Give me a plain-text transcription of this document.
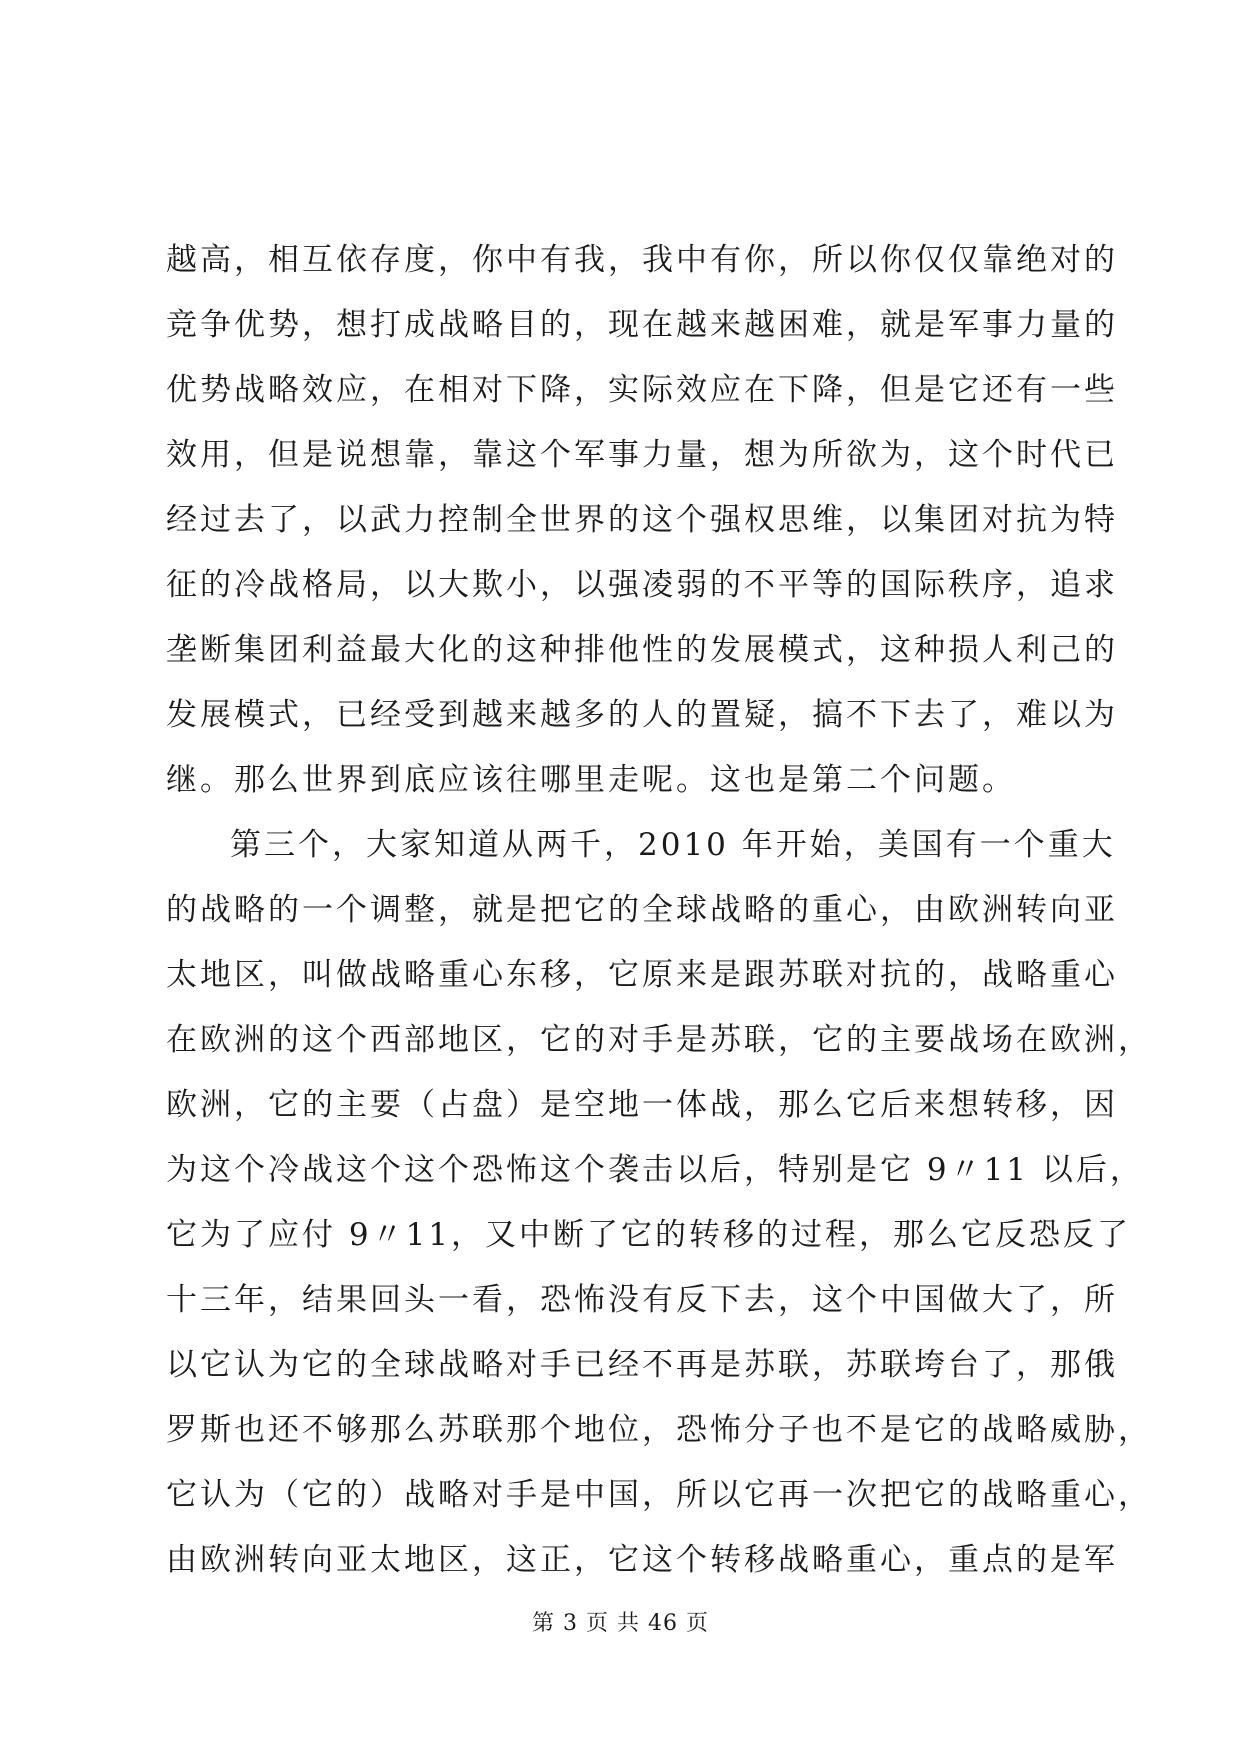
越高，相互依存度，你中有我，我中有你，所以你仅仅靠绝对的
竞争优势，想打成战略目的，现在越来越困难，就是军事力量的
优势战略效应，在相对下降，实际效应在下降，但是它还有一些
效用，但是说想靠，靠这个军事力量，想为所欲为，这个时代已
经过去了，以武力控制全世界的这个强权思维，以集团对抗为特
征的冷战格局，以大欺小，以强凌弱的不平等的国际秩序，追求
垄断集团利益最大化的这种排他性的发展模式，这种损人利己的
发展模式，已经受到越来越多的人的置疑，搞不下去了，难以为
继。那么世界到底应该往哪里走呢。这也是第二个问题。
第三个，大家知道从两千，2010 年开始，美国有一个重大
的战略的一个调整，就是把它的全球战略的重心，由欧洲转向亚
太地区，叫做战略重心东移，它原来是跟苏联对抗的，战略重心
在欧洲的这个西部地区，它的对手是苏联，它的主要战场在欧洲，
欧洲，它的主要（占盘）是空地一体战，那么它后来想转移，因
为这个冷战这个这个恐怖这个袭击以后，特别是它 9〃11 以后，
它为了应付 9〃11，又中断了它的转移的过程，那么它反恐反了
十三年，结果回头一看，恐怖没有反下去，这个中国做大了，所
以它认为它的全球战略对手已经不再是苏联，苏联垮台了，那俄
罗斯也还不够那么苏联那个地位，恐怖分子也不是它的战略威胁，
它认为（它的）战略对手是中国，所以它再一次把它的战略重心，
由欧洲转向亚太地区，这正，它这个转移战略重心，重点的是军
第 3 页 共 46 页
